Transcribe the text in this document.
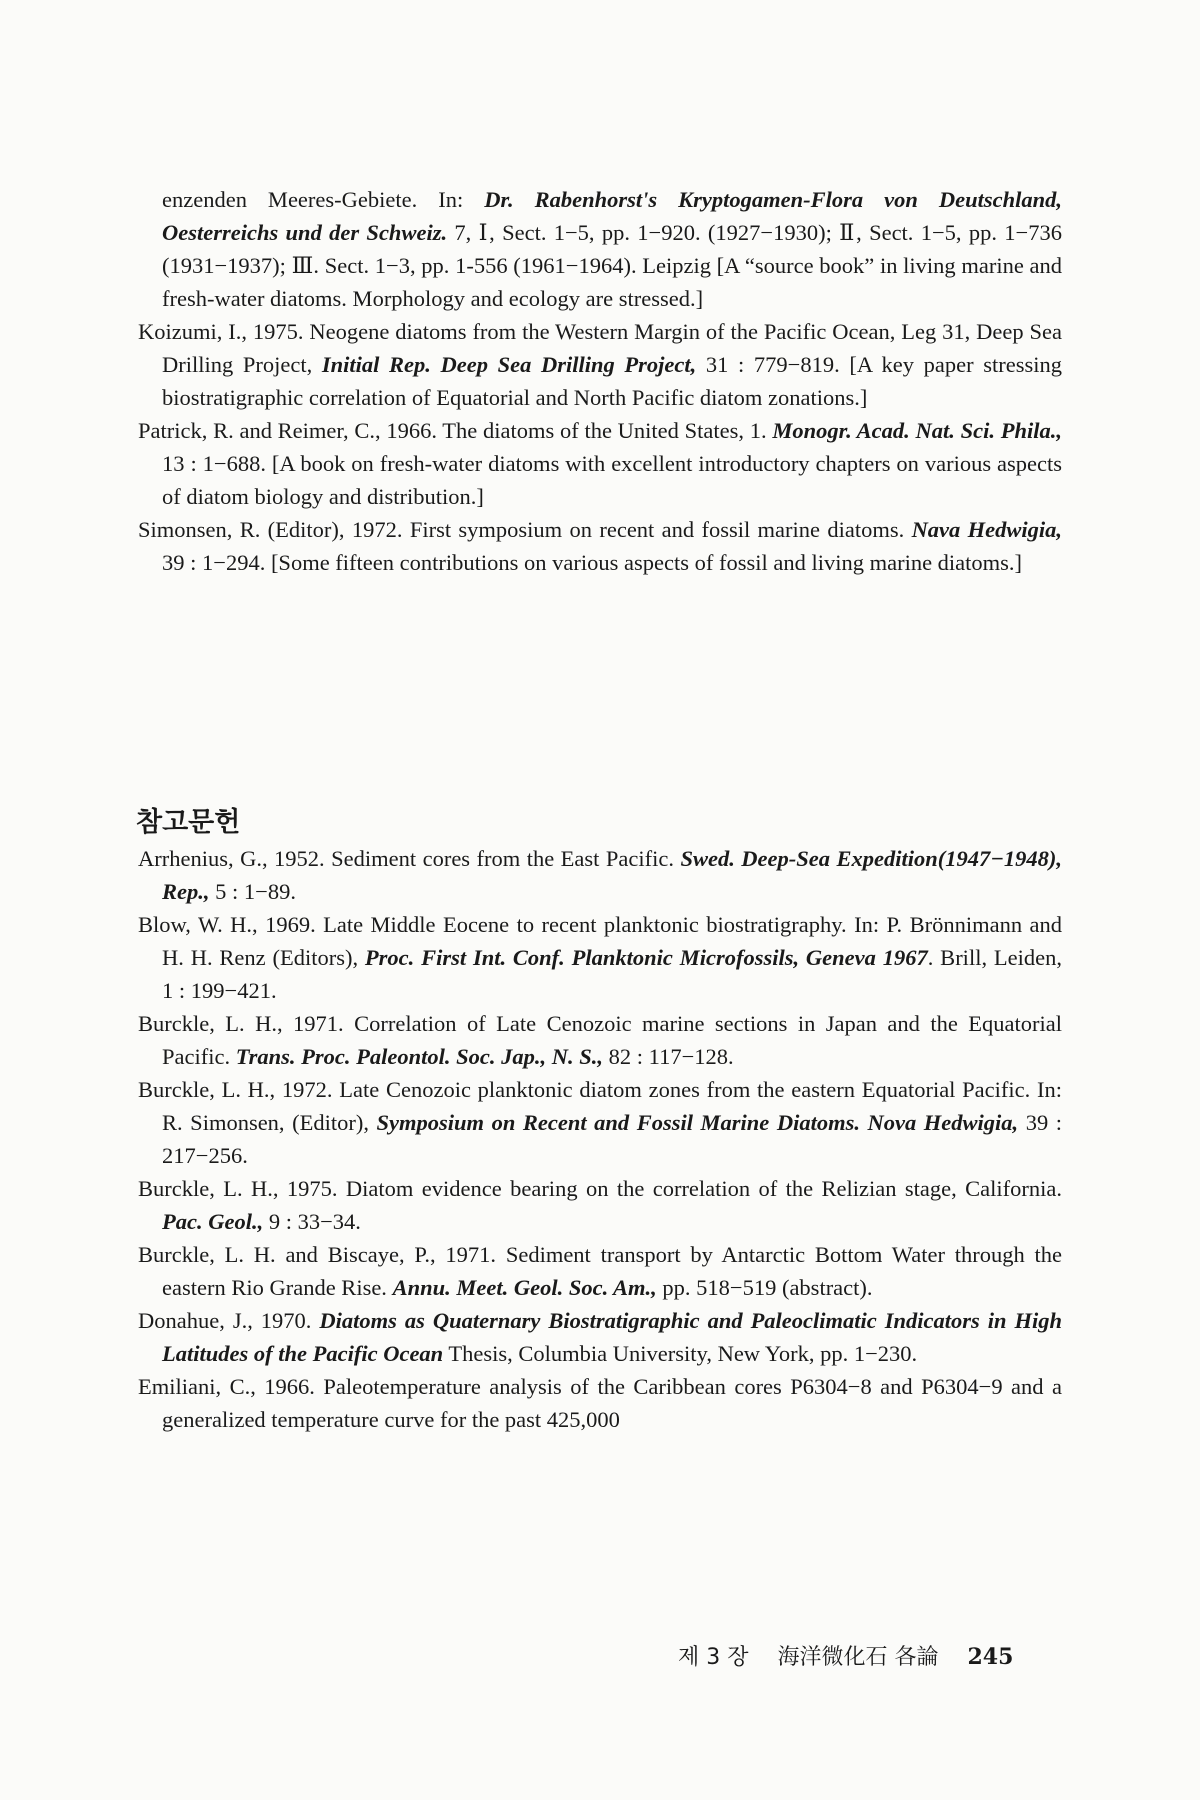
enzenden Meeres-Gebiete. In: Dr. Rabenhorst's Kryptogamen-Flora von Deutschland, Oesterreichs und der Schweiz. 7, Ⅰ, Sect. 1−5, pp. 1−920. (1927−1930); Ⅱ, Sect. 1−5, pp. 1−736 (1931−1937); Ⅲ. Sect. 1−3, pp. 1-556 (1961−1964). Leipzig [A “source book” in living marine and fresh-water diatoms. Morphology and ecology are stressed.]

Koizumi, I., 1975. Neogene diatoms from the Western Margin of the Pacific Ocean, Leg 31, Deep Sea Drilling Project, Initial Rep. Deep Sea Drilling Project, 31 : 779−819. [A key paper stressing biostratigraphic correlation of Equatorial and North Pacific diatom zonations.]

Patrick, R. and Reimer, C., 1966. The diatoms of the United States, 1. Monogr. Acad. Nat. Sci. Phila., 13 : 1−688. [A book on fresh-water diatoms with excellent introductory chapters on various aspects of diatom biology and distribution.]

Simonsen, R. (Editor), 1972. First symposium on recent and fossil marine diatoms. Nava Hedwigia, 39 : 1−294. [Some fifteen contributions on various aspects of fossil and living marine diatoms.]

참고문헌

Arrhenius, G., 1952. Sediment cores from the East Pacific. Swed. Deep-Sea Expedition(1947−1948), Rep., 5 : 1−89.

Blow, W. H., 1969. Late Middle Eocene to recent planktonic biostratigraphy. In: P. Brönnimann and H. H. Renz (Editors), Proc. First Int. Conf. Planktonic Microfossils, Geneva 1967. Brill, Leiden, 1 : 199−421.

Burckle, L. H., 1971. Correlation of Late Cenozoic marine sections in Japan and the Equatorial Pacific. Trans. Proc. Paleontol. Soc. Jap., N. S., 82 : 117−128.

Burckle, L. H., 1972. Late Cenozoic planktonic diatom zones from the eastern Equatorial Pacific. In: R. Simonsen, (Editor), Symposium on Recent and Fossil Marine Diatoms. Nova Hedwigia, 39 : 217−256.

Burckle, L. H., 1975. Diatom evidence bearing on the correlation of the Relizian stage, California. Pac. Geol., 9 : 33−34.

Burckle, L. H. and Biscaye, P., 1971. Sediment transport by Antarctic Bottom Water through the eastern Rio Grande Rise. Annu. Meet. Geol. Soc. Am., pp. 518−519 (abstract).

Donahue, J., 1970. Diatoms as Quaternary Biostratigraphic and Paleoclimatic Indicators in High Latitudes of the Pacific Ocean Thesis, Columbia University, New York, pp. 1−230.

Emiliani, C., 1966. Paleotemperature analysis of the Caribbean cores P6304−8 and P6304−9 and a generalized temperature curve for the past 425,000

제 3 장 海洋微化石 各論 245
